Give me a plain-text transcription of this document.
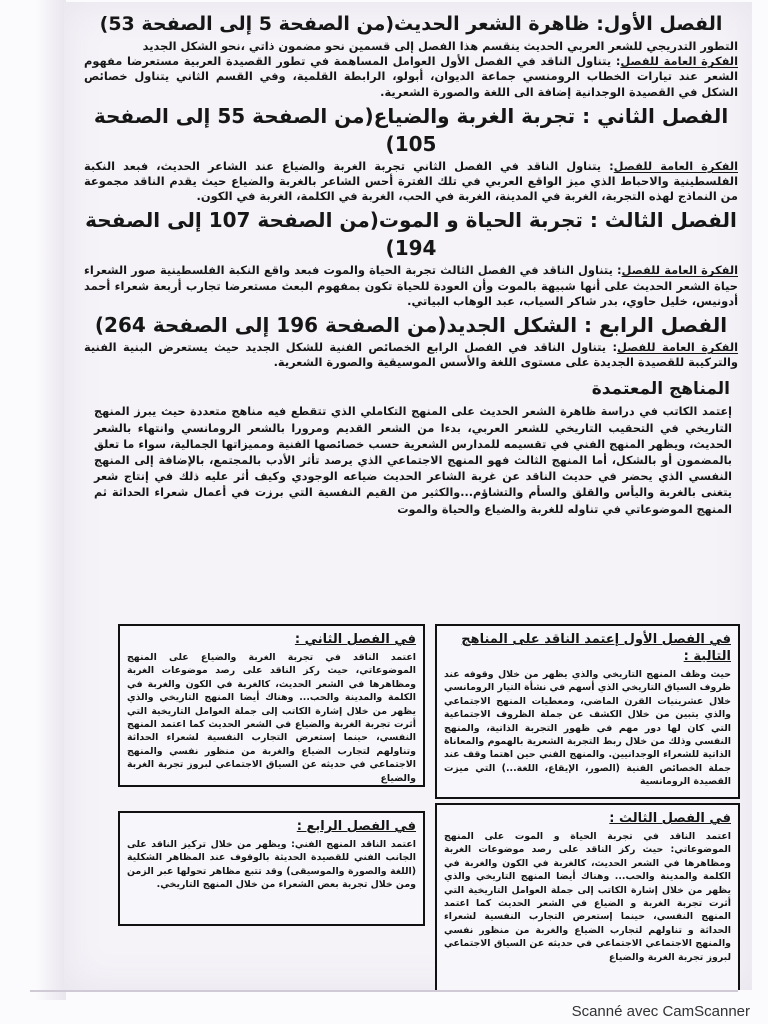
الفصل الأول: ظاهرة الشعر الحديث(من الصفحة 5 إلى الصفحة 53)

التطور التدريجي للشعر العربي الحديث ينقسم هذا الفصل إلى قسمين نحو مضمون ذاتي ،نحو الشكل الجديد

الفكرة العامة للفصل: يتناول الناقد في الفصل الأول العوامل المساهمة في تطور القصيدة العربية مستعرضا مفهوم الشعر عند تيارات الخطاب الرومنسي جماعة الديوان، أبولو، الرابطة القلمية، وفي القسم الثاني يتناول خصائص الشكل في القصيدة الوجدانية إضافة الى اللغة والصورة الشعرية.

الفصل الثاني : تجربة الغربة والضياع(من الصفحة 55 إلى الصفحة 105)

الفكرة العامة للفصل: يتناول الناقد في الفصل الثاني تجربة الغربة والضياع عند الشاعر الحديث، فبعد النكبة الفلسطينية والاحباط الذي ميز الواقع العربي في تلك الفترة أحس الشاعر بالغربة والضياع حيث يقدم الناقد مجموعة من النماذج لهذه التجربة، الغربة في المدينة، الغربة في الحب، الغربة في الكلمة، الغربة في الكون.

الفصل الثالث : تجربة الحياة و الموت(من الصفحة 107 إلى الصفحة 194)

الفكرة العامة للفصل: يتناول الناقد في الفصل الثالث تجربة الحياة والموت فبعد واقع النكبة الفلسطينية صور الشعراء حياة الشعر الحديث على أنها شبيهة بالموت وأن العودة للحياة تكون بمفهوم البعث مستعرضا تجارب أربعة شعراء أحمد أدونيس، خليل حاوي، بدر شاكر السياب، عبد الوهاب البياتي.

الفصل الرابع : الشكل الجديد(من الصفحة 196 إلى الصفحة 264)

الفكرة العامة للفصل: يتناول الناقد في الفصل الرابع الخصائص الفنية للشكل الجديد حيث يستعرض البنية الفنية والتركيبة للقصيدة الجديدة على مستوى اللغة والأسس الموسيقية والصورة الشعرية.

المناهج المعتمدة

إعتمد الكاتب في دراسة ظاهرة الشعر الحديث على المنهج التكاملي الذي تتقطع فيه مناهج متعددة حيث يبرز المنهج التاريخي في التحقيب التاريخي للشعر العربي، بدءا من الشعر القديم ومرورا بالشعر الرومانسي وانتهاء بالشعر الحديث، ويظهر المنهج الفني في تقسيمه للمدارس الشعرية حسب خصائصها الفنية ومميزاتها الجمالية، سواء ما تعلق بالمضمون أو بالشكل، أما المنهج الثالث فهو المنهج الاجتماعي الذي يرصد تأثر الأدب بالمجتمع، بالإضافة إلى المنهج النفسي الذي يحضر في حديث الناقد عن غربة الشاعر الحديث ضياعه الوجودي وكيف أثر عليه ذلك في إنتاج شعر يتغنى بالغربة واليأس والقلق والسأم والتشاؤم...والكثير من القيم النفسية التي برزت في أعمال شعراء الحداثة ثم المنهج الموضوعاتي في تناوله للغربة والضياع والحياة والموت

في الفصل الثاني :

اعتمد الناقد في تجربة الغربة والضياع على المنهج الموضوعاتي، حيث ركز الناقد على رصد موضوعات الغربة ومظاهرها في الشعر الحديث، كالغربة في الكون والغربة في الكلمة والمدينة والحب... وهناك أيضا المنهج التاريخي والذي يظهر من خلال إشارة الكاتب إلى جملة العوامل التاريخية التي أثرت تجربة الغربة والضياع في الشعر الحديث كما اعتمد المنهج النفسي، حينما إستعرض التجارب النفسية لشعراء الحداثة وتناولهم لتجارب الضياع والغربة من منظور نفسي والمنهج الاجتماعي في حديثه عن السياق الاجتماعي لبروز تجربة الغربة والضياع

في الفصل الأول إعتمد الناقد على المناهج التالية :

حيث وظف المنهج التاريخي والذي يظهر من خلال وقوفه عند ظروف السياق التاريخي الذي أسهم في نشأة التيار الرومانسي خلال عشرينيات القرن الماضي، ومعطيات المنهج الاجتماعي والذي يتبين من خلال الكشف عن جملة الظروف الاجتماعية التي كان لها دور مهم في ظهور التجربة الذاتية، والمنهج النفسي وذلك من خلال ربط التجربة الشعرية بالهموم والمعاناة الذاتية للشعراء الوجدانيين. والمنهج الفني حين اهتما وقف عند جملة الخصائص الفنية (الصور، الإيقاع، اللغة...) التي ميزت القصيدة الرومانسية

في الفصل الرابع :

اعتمد الناقد المنهج الفني: ويظهر من خلال تركيز الناقد على الجانب الفني للقصيدة الحديثة بالوقوف عند المظاهر الشكلية (اللغة والصورة والموسيقى) وقد تتبع مظاهر تحولها عبر الزمن ومن خلال تجربة بعض الشعراء من خلال المنهج التاريخي.

في الفصل الثالث :

اعتمد الناقد في تجربة الحياة و الموت على المنهج الموضوعاتي: حيث ركز الناقد على رصد موضوعات الغربة ومظاهرها في الشعر الحديث، كالغربة في الكون والغربة في الكلمة والمدينة والحب... وهناك أيضا المنهج التاريخي والذي يظهر من خلال إشارة الكاتب إلى جملة العوامل التاريخية التي أثرت تجربة الغربة و الضياع في الشعر الحديث كما اعتمد المنهج النفسي، حينما إستعرض التجارب النفسية لشعراء الحداثة و تناولهم لتجارب الضياع والغربة من منظور نفسي والمنهج الاجتماعي الاجتماعي في حديثه عن السياق الاجتماعي لبروز تجربة الغربة والضياع

Scanné avec CamScanner
